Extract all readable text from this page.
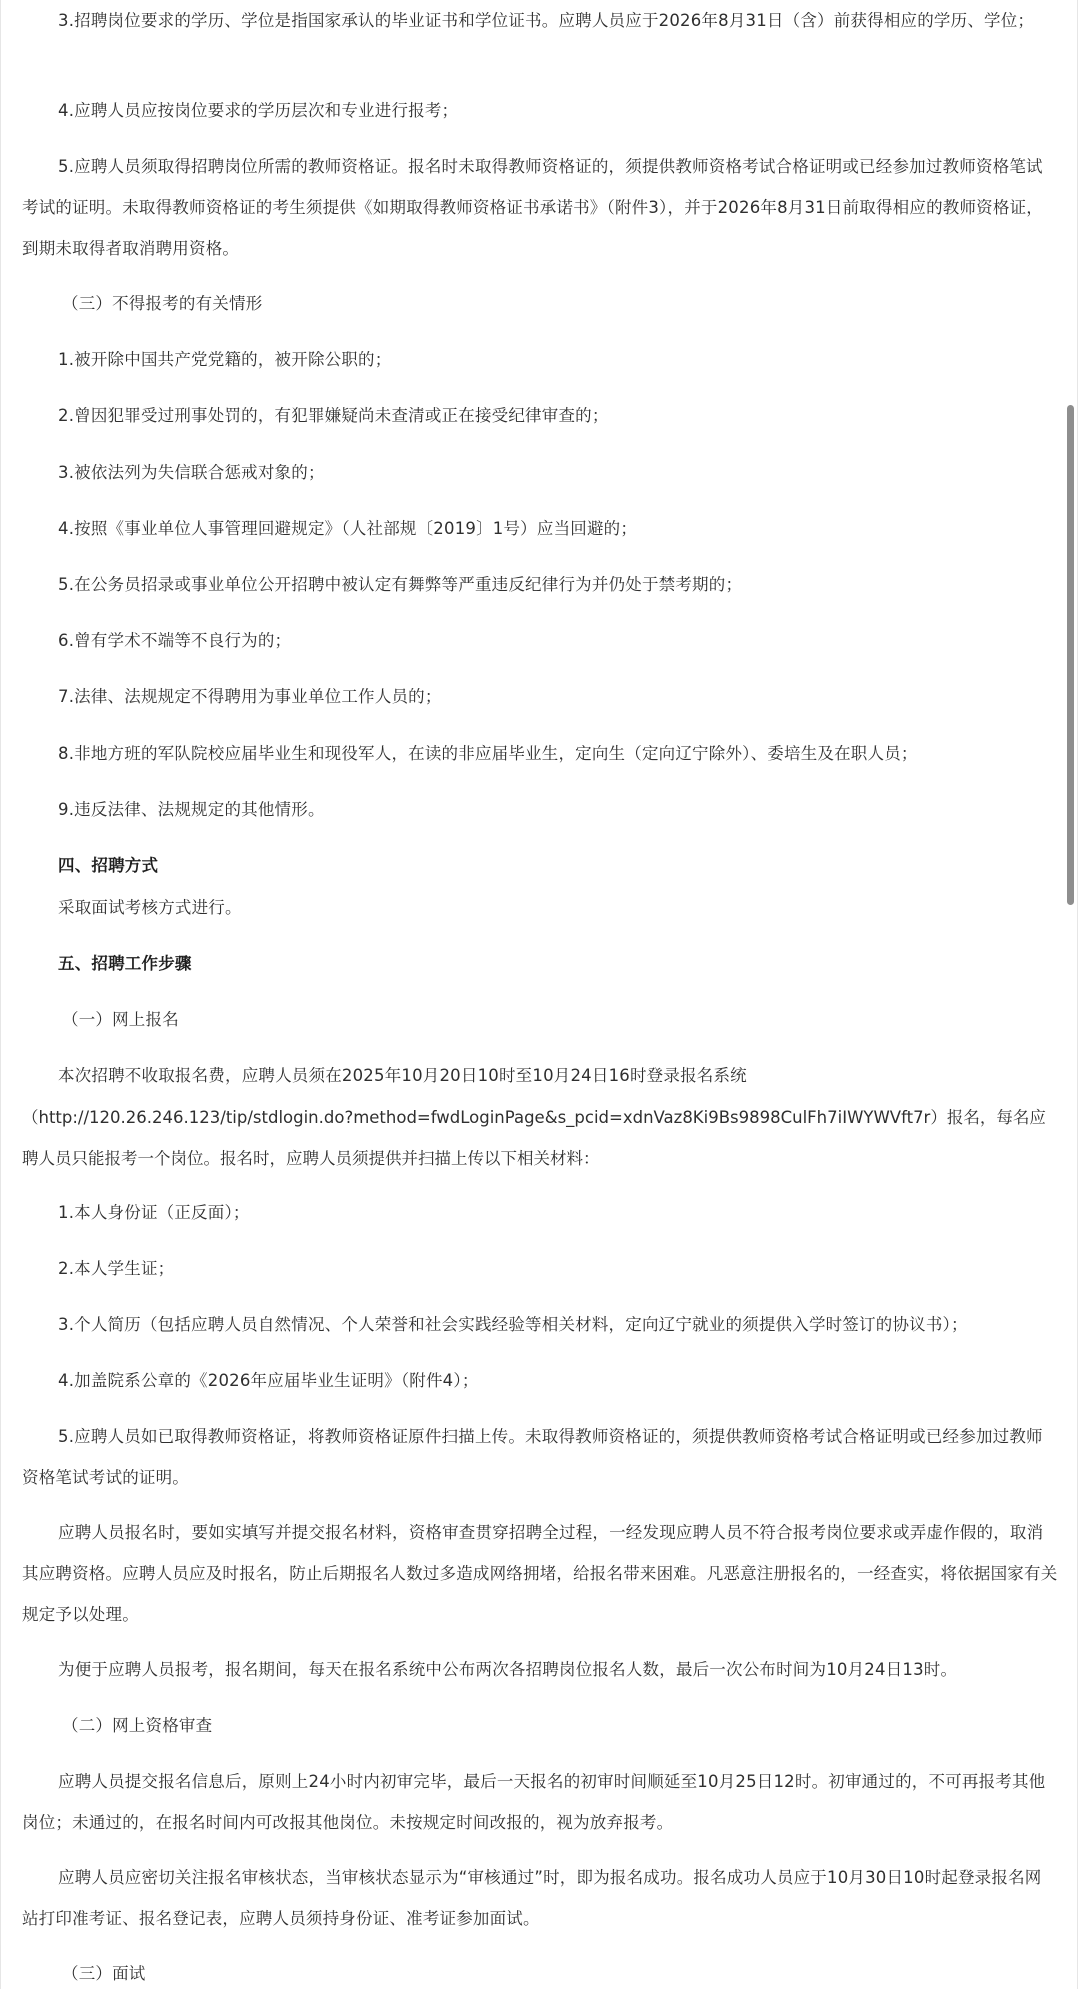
3.招聘岗位要求的学历、学位是指国家承认的毕业证书和学位证书。应聘人员应于2026年8月31日（含）前获得相应的学历、学位；

4.应聘人员应按岗位要求的学历层次和专业进行报考；

5.应聘人员须取得招聘岗位所需的教师资格证。报名时未取得教师资格证的，须提供教师资格考试合格证明或已经参加过教师资格笔试考试的证明。未取得教师资格证的考生须提供《如期取得教师资格证书承诺书》（附件3），并于2026年8月31日前取得相应的教师资格证，到期未取得者取消聘用资格。

（三）不得报考的有关情形

1.被开除中国共产党党籍的，被开除公职的；

2.曾因犯罪受过刑事处罚的，有犯罪嫌疑尚未查清或正在接受纪律审查的；

3.被依法列为失信联合惩戒对象的；

4.按照《事业单位人事管理回避规定》（人社部规〔2019〕1号）应当回避的；

5.在公务员招录或事业单位公开招聘中被认定有舞弊等严重违反纪律行为并仍处于禁考期的；

6.曾有学术不端等不良行为的；

7.法律、法规规定不得聘用为事业单位工作人员的；

8.非地方班的军队院校应届毕业生和现役军人，在读的非应届毕业生，定向生（定向辽宁除外）、委培生及在职人员；

9.违反法律、法规规定的其他情形。

四、招聘方式

采取面试考核方式进行。

五、招聘工作步骤

（一）网上报名

本次招聘不收取报名费，应聘人员须在2025年10月20日10时至10月24日16时登录报名系统

（http://120.26.246.123/tip/stdlogin.do?method=fwdLoginPage&s_pcid=xdnVaz8Ki9Bs9898CulFh7iIWYWVft7r）报名，每名应聘人员只能报考一个岗位。报名时，应聘人员须提供并扫描上传以下相关材料：

1.本人身份证（正反面）；

2.本人学生证；

3.个人简历（包括应聘人员自然情况、个人荣誉和社会实践经验等相关材料，定向辽宁就业的须提供入学时签订的协议书）；

4.加盖院系公章的《2026年应届毕业生证明》（附件4）；

5.应聘人员如已取得教师资格证，将教师资格证原件扫描上传。未取得教师资格证的，须提供教师资格考试合格证明或已经参加过教师资格笔试考试的证明。

应聘人员报名时，要如实填写并提交报名材料，资格审查贯穿招聘全过程，一经发现应聘人员不符合报考岗位要求或弄虚作假的，取消其应聘资格。应聘人员应及时报名，防止后期报名人数过多造成网络拥堵，给报名带来困难。凡恶意注册报名的，一经查实，将依据国家有关规定予以处理。

为便于应聘人员报考，报名期间，每天在报名系统中公布两次各招聘岗位报名人数，最后一次公布时间为10月24日13时。

（二）网上资格审查

应聘人员提交报名信息后，原则上24小时内初审完毕，最后一天报名的初审时间顺延至10月25日12时。初审通过的，不可再报考其他岗位；未通过的，在报名时间内可改报其他岗位。未按规定时间改报的，视为放弃报考。

应聘人员应密切关注报名审核状态，当审核状态显示为“审核通过”时，即为报名成功。报名成功人员应于10月30日10时起登录报名网站打印准考证、报名登记表，应聘人员须持身份证、准考证参加面试。

（三）面试
